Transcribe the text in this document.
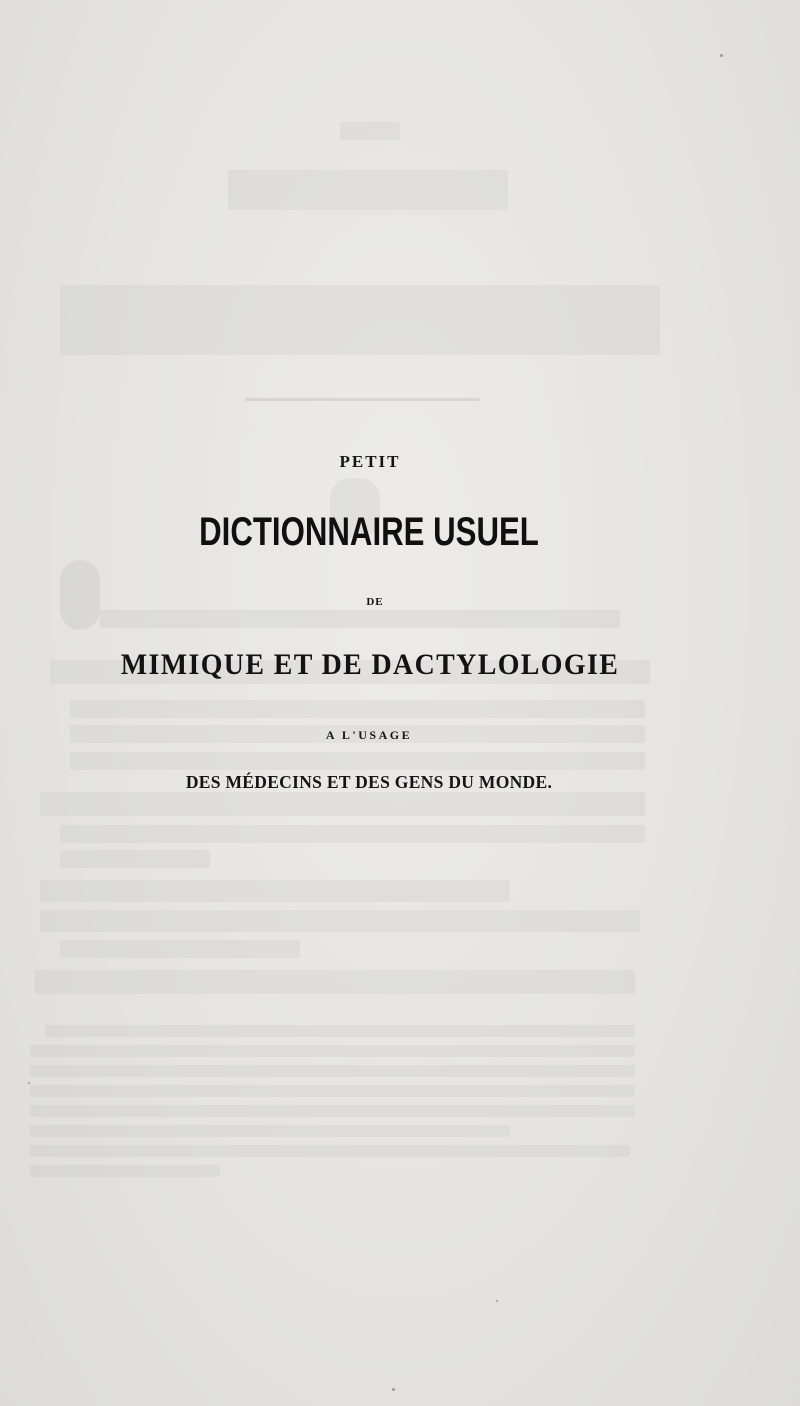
PETIT
DICTIONNAIRE USUEL
DE
MIMIQUE ET DE DACTYLOLOGIE
A L'USAGE
DES MÉDECINS ET DES GENS DU MONDE.
